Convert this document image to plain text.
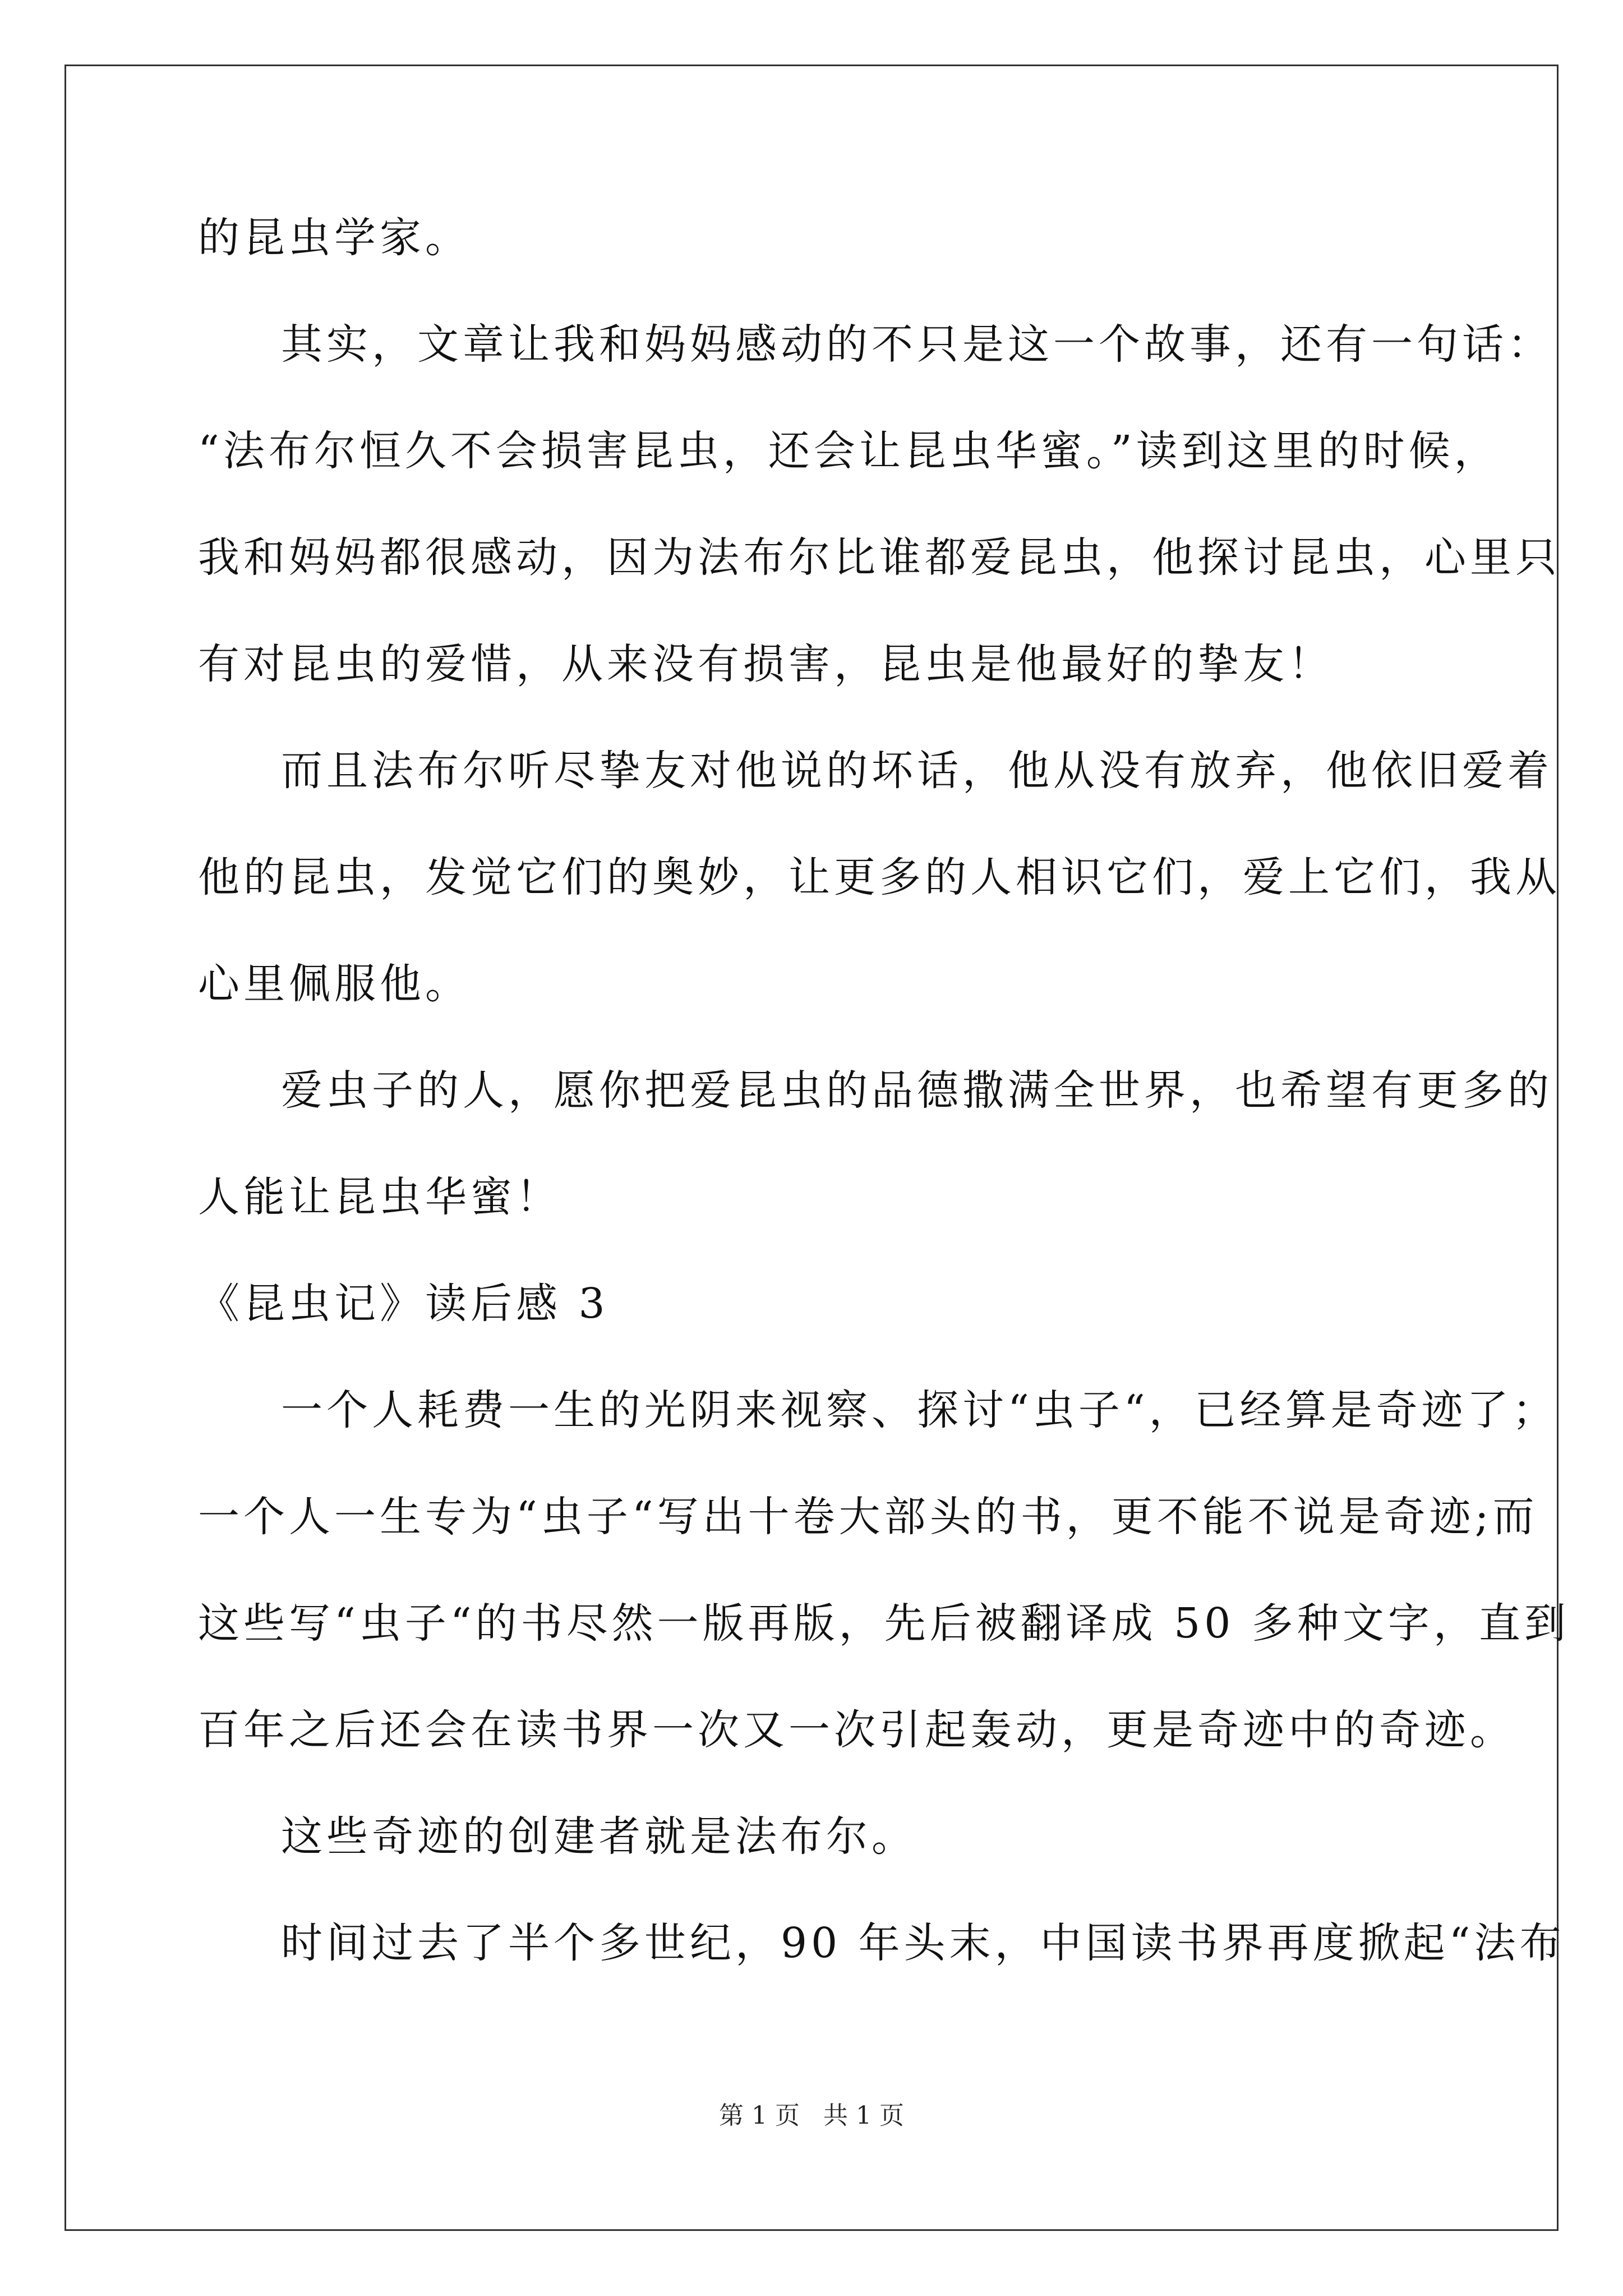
的昆虫学家。
其实，文章让我和妈妈感动的不只是这一个故事，还有一句话：
“法布尔恒久不会损害昆虫，还会让昆虫华蜜。”读到这里的时候，
我和妈妈都很感动，因为法布尔比谁都爱昆虫，他探讨昆虫，心里只
有对昆虫的爱惜，从来没有损害，昆虫是他最好的挚友！
而且法布尔听尽挚友对他说的坏话，他从没有放弃，他依旧爱着
他的昆虫，发觉它们的奥妙，让更多的人相识它们，爱上它们，我从
心里佩服他。
爱虫子的人，愿你把爱昆虫的品德撒满全世界，也希望有更多的
人能让昆虫华蜜！
《昆虫记》读后感 3
一个人耗费一生的光阴来视察、探讨“虫子“，已经算是奇迹了；
一个人一生专为“虫子“写出十卷大部头的书，更不能不说是奇迹;而
这些写“虫子“的书尽然一版再版，先后被翻译成 50 多种文字，直到
百年之后还会在读书界一次又一次引起轰动，更是奇迹中的奇迹。
这些奇迹的创建者就是法布尔。
时间过去了半个多世纪，90 年头末，中国读书界再度掀起“法布
第 1 页 共 1 页
